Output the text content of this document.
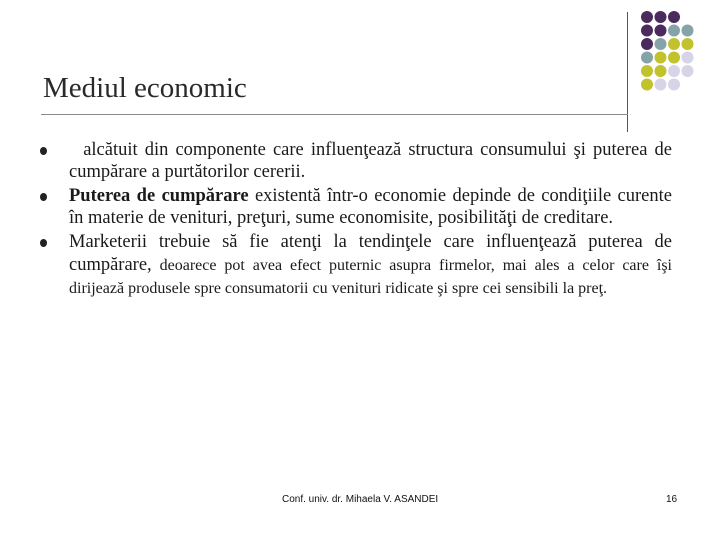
Mediul economic
alcătuit din componente care influenţează structura consumului şi puterea de cumpărare a purtătorilor cererii.
Puterea de cumpărare existentă într-o economie depinde de condiţiile curente în materie de venituri, preţuri, sume economisite, posibilităţi de creditare.
Marketerii trebuie să fie atenţi la tendinţele care influenţează puterea de cumpărare, deoarece pot avea efect puternic asupra firmelor, mai ales a celor care îşi dirijează produsele spre consumatorii cu venituri ridicate şi spre cei sensibili la preţ.
Conf. univ. dr. Mihaela V. ASANDEI	16
